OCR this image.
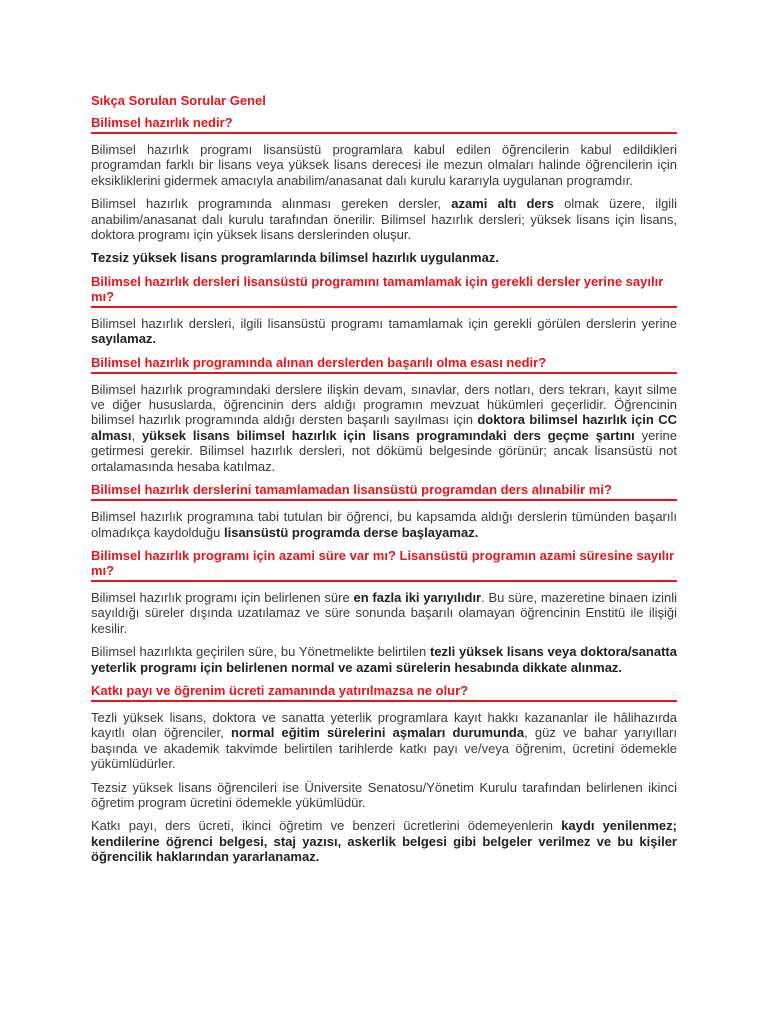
Sıkça Sorulan Sorular Genel
Bilimsel hazırlık nedir?
Bilimsel hazırlık programı lisansüstü programlara kabul edilen öğrencilerin kabul edildikleri programdan farklı bir lisans veya yüksek lisans derecesi ile mezun olmaları halinde öğrencilerin için eksikliklerini gidermek amacıyla anabilim/anasanat dalı kurulu kararıyla uygulanan programdır.
Bilimsel hazırlık programında alınması gereken dersler, azami altı ders olmak üzere, ilgili anabilim/anasanat dalı kurulu tarafından önerilir. Bilimsel hazırlık dersleri; yüksek lisans için lisans, doktora programı için yüksek lisans derslerinden oluşur.
Tezsiz yüksek lisans programlarında bilimsel hazırlık uygulanmaz.
Bilimsel hazırlık dersleri lisansüstü programını tamamlamak için gerekli dersler yerine sayılır mı?
Bilimsel hazırlık dersleri, ilgili lisansüstü programı tamamlamak için gerekli görülen derslerin yerine sayılamaz.
Bilimsel hazırlık programında alınan derslerden başarılı olma esası nedir?
Bilimsel hazırlık programındaki derslere ilişkin devam, sınavlar, ders notları, ders tekrarı, kayıt silme ve diğer hususlarda, öğrencinin ders aldığı programın mevzuat hükümleri geçerlidir. Öğrencinin bilimsel hazırlık programında aldığı dersten başarılı sayılması için doktora bilimsel hazırlık için CC alması, yüksek lisans bilimsel hazırlık için lisans programındaki ders geçme şartını yerine getirmesi gerekir. Bilimsel hazırlık dersleri, not dökümü belgesinde görünür; ancak lisansüstü not ortalamasında hesaba katılmaz.
Bilimsel hazırlık derslerini tamamlamadan lisansüstü programdan ders alınabilir mi?
Bilimsel hazırlık programına tabi tutulan bir öğrenci, bu kapsamda aldığı derslerin tümünden başarılı olmadıkça kaydolduğu lisansüstü programda derse başlayamaz.
Bilimsel hazırlık programı için azami süre var mı? Lisansüstü programın azami süresine sayılır mı?
Bilimsel hazırlık programı için belirlenen süre en fazla iki yarıyılıdır. Bu süre, mazeretine binaen izinli sayıldığı süreler dışında uzatılamaz ve süre sonunda başarılı olamayan öğrencinin Enstitü ile ilişiği kesilir.
Bilimsel hazırlıkta geçirilen süre, bu Yönetmelikte belirtilen tezli yüksek lisans veya doktora/sanatta yeterlik programı için belirlenen normal ve azami sürelerin hesabında dikkate alınmaz.
Katkı payı ve öğrenim ücreti zamanında yatırılmazsa ne olur?
Tezli yüksek lisans, doktora ve sanatta yeterlik programlara kayıt hakkı kazananlar ile hâlihazırda kayıtlı olan öğrenciler, normal eğitim sürelerini aşmaları durumunda, güz ve bahar yarıyılları başında ve akademik takvimde belirtilen tarihlerde katkı payı ve/veya öğrenim, ücretini ödemekle yükümlüdürler.
Tezsiz yüksek lisans öğrencileri ise Üniversite Senatosu/Yönetim Kurulu tarafından belirlenen ikinci öğretim program ücretini ödemekle yükümlüdür.
Katkı payı, ders ücreti, ikinci öğretim ve benzeri ücretlerini ödemeyenlerin kaydı yenilenmez; kendilerine öğrenci belgesi, staj yazısı, askerlik belgesi gibi belgeler verilmez ve bu kişiler öğrencilik haklarından yararlanamaz.
